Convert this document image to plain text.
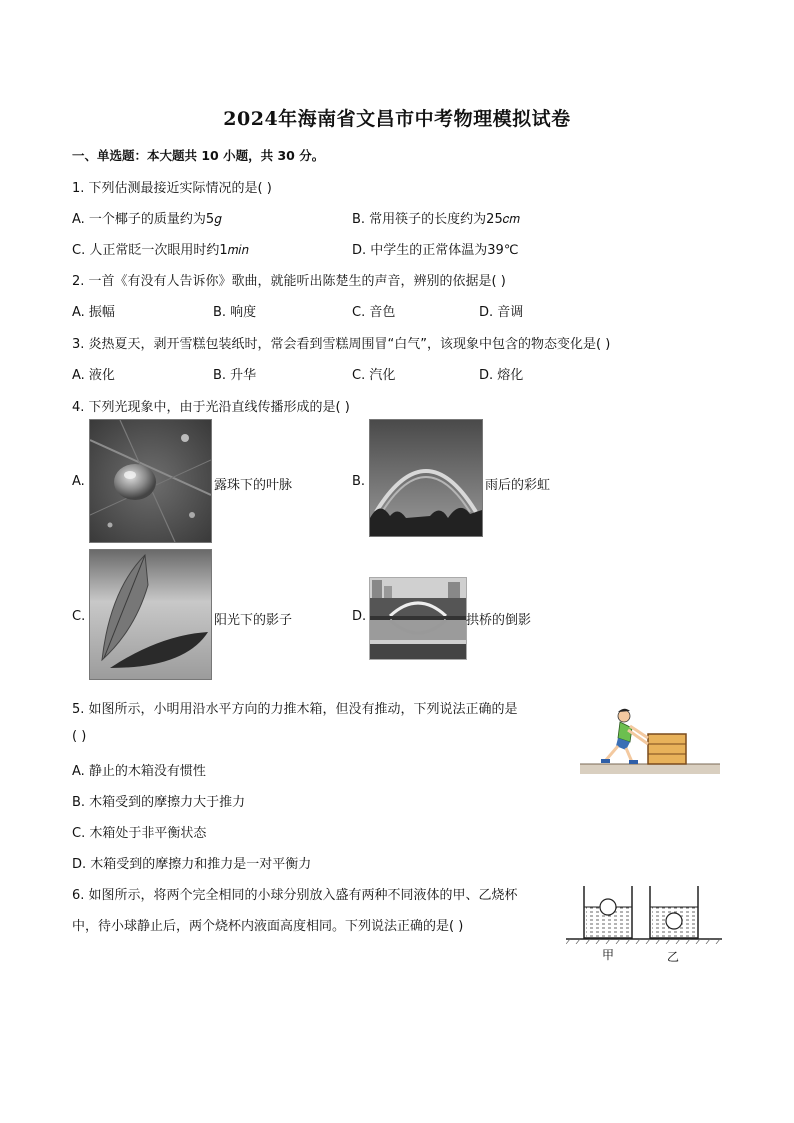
2024年海南省文昌市中考物理模拟试卷
一、单选题：本大题共 10 小题，共 30 分。
1. 下列估测最接近实际情况的是( )
A. 一个椰子的质量约为5𝑔	B. 常用筷子的长度约为25𝑐𝑚
C. 人正常眨一次眼用时约1𝑚𝑖𝑛	D. 中学生的正常体温为39℃
2. 一首《有没有人告诉你》歌曲，就能听出陈楚生的声音，辨别的依据是( )
A. 振幅	B. 响度	C. 音色	D. 音调
3. 炎热夏天，剥开雪糕包装纸时，常会看到雪糕周围冒“白气”，该现象中包含的物态变化是( )
A. 液化	B. 升华	C. 汽化	D. 熔化
4. 下列光现象中，由于光沿直线传播形成的是( )
A.	露珠下的叶脉	B.	雨后的彩虹
C.	阳光下的影子	D.	拱桥的倒影
5. 如图所示，小明用沿水平方向的力推木箱，但没有推动，下列说法正确的是
( )
A. 静止的木箱没有惯性
B. 木箱受到的摩擦力大于推力
C. 木箱处于非平衡状态
D. 木箱受到的摩擦力和推力是一对平衡力
6. 如图所示，将两个完全相同的小球分别放入盛有两种不同液体的甲、乙烧杯
中，待小球静止后，两个烧杯内液面高度相同。下列说法正确的是( )
甲	乙
